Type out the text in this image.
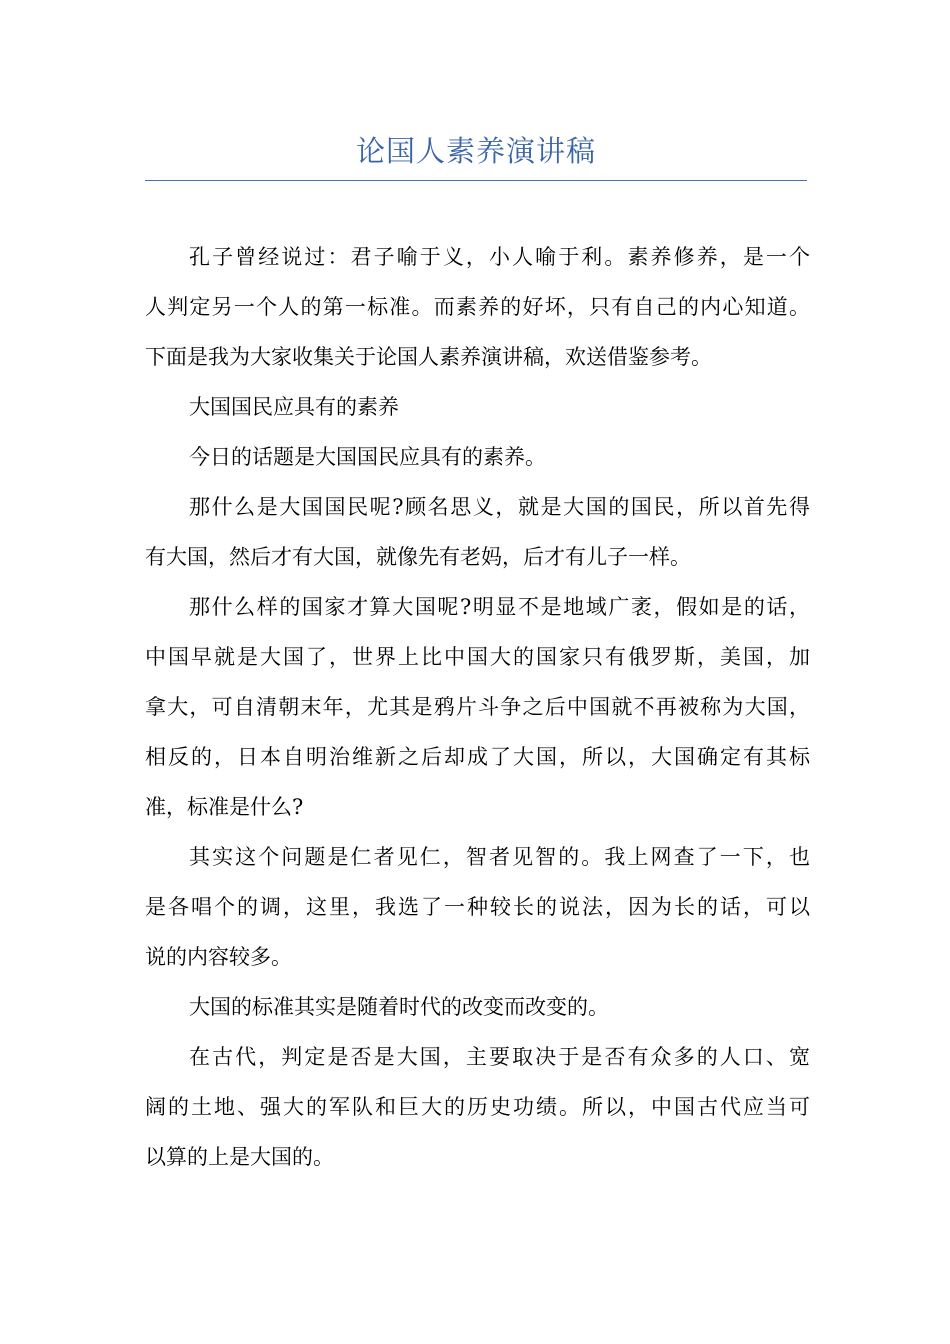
论国人素养演讲稿
孔子曾经说过：君子喻于义，小人喻于利。素养修养，是一个
人判定另一个人的第一标准。而素养的好坏，只有自己的内心知道。
下面是我为大家收集关于论国人素养演讲稿，欢送借鉴参考。
大国国民应具有的素养
今日的话题是大国国民应具有的素养。
那什么是大国国民呢?顾名思义，就是大国的国民，所以首先得
有大国，然后才有大国，就像先有老妈，后才有儿子一样。
那什么样的国家才算大国呢?明显不是地域广袤，假如是的话，
中国早就是大国了，世界上比中国大的国家只有俄罗斯，美国，加
拿大，可自清朝末年，尤其是鸦片斗争之后中国就不再被称为大国，
相反的，日本自明治维新之后却成了大国，所以，大国确定有其标
准，标准是什么?
其实这个问题是仁者见仁，智者见智的。我上网查了一下，也
是各唱个的调，这里，我选了一种较长的说法，因为长的话，可以
说的内容较多。
大国的标准其实是随着时代的改变而改变的。
在古代，判定是否是大国，主要取决于是否有众多的人口、宽
阔的土地、强大的军队和巨大的历史功绩。所以，中国古代应当可
以算的上是大国的。
